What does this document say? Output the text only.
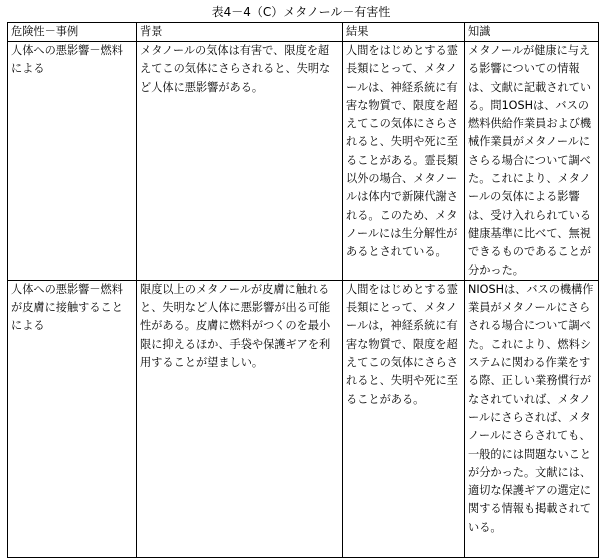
表4－4（C）メタノール－有害性
危険性－事例	背景	結果	知識
人体への悪影響－燃料による	メタノールの気体は有害で、限度を超えてこの気体にさらされると、失明など人体に悪影響がある。	人間をはじめとする霊長類にとって、メタノールは、神経系統に有害な物質で、限度を超えてこの気体にさらされると、失明や死に至ることがある。霊長類以外の場合、メタノールは体内で新陳代謝される。このため、メタノールには生分解性があるとされている。	メタノールが健康に与える影響についての情報は、文献に記載されている。問1OSHは、バスの燃料供給作業員および機械作業員がメタノールにさらる場合について調べた。これにより、メタノールの気体による影響は、受け入れられている健康基準に比べて、無視できるものであることが分かった。
人体への悪影響－燃料が皮膚に接触することによる	限度以上のメタノールが皮膚に触れると、失明など人体に悪影響が出る可能性がある。皮膚に燃料がつくのを最小限に抑えるほか、手袋や保護ギアを利用することが望ましい。	人間をはじめとする霊長類にとって、メタノールは，神経系統に有害な物質で、限度を超えてこの気体にさらされると、失明や死に至ることがある。	NIOSHは、バスの機構作業員がメタノールにさらされる場合について調べた。これにより、燃料システムに関わる作業をする際、正しい業務慣行がなされていれば、メタノールにさらされば、メタノールにさらされても、一般的には問題ないことが分かった。文献には、適切な保護ギアの選定に関する情報も掲載されている。
